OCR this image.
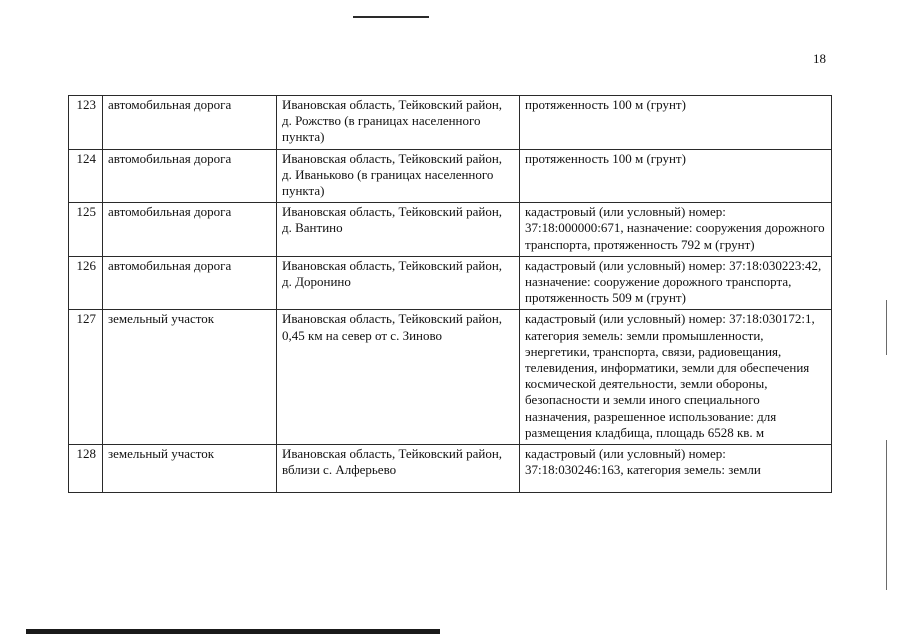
18
123	автомобильная дорога	Ивановская область, Тейковский район, д. Рожство (в границах населенного пункта)	протяженность 100 м (грунт)
124	автомобильная дорога	Ивановская область, Тейковский район, д. Иваньково (в границах населенного пункта)	протяженность 100 м (грунт)
125	автомобильная дорога	Ивановская область, Тейковский район, д. Вантино	кадастровый (или условный) номер: 37:18:000000:671, назначение: сооружения дорожного транспорта, протяженность 792 м (грунт)
126	автомобильная дорога	Ивановская область, Тейковский район, д. Доронино	кадастровый (или условный) номер: 37:18:030223:42, назначение: сооружение дорожного транспорта, протяженность 509 м (грунт)
127	земельный участок	Ивановская область, Тейковский район, 0,45 км на север от с. Зиново	кадастровый (или условный) номер: 37:18:030172:1, категория земель: земли промышленности, энергетики, транспорта, связи, радиовещания, телевидения, информатики, земли для обеспечения космической деятельности, земли обороны, безопасности и земли иного специального назначения, разрешенное использование: для размещения кладбища, площадь 6528 кв. м
128	земельный участок	Ивановская область, Тейковский район, вблизи с. Алферьево	кадастровый (или условный) номер: 37:18:030246:163, категория земель: земли
